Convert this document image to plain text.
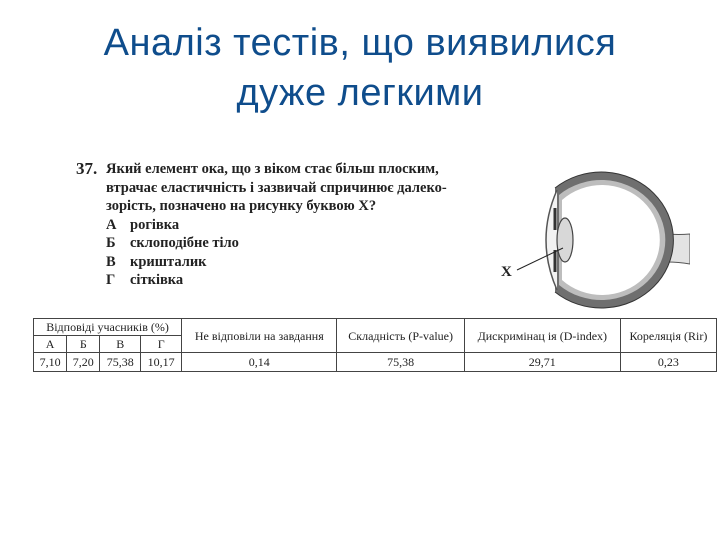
Аналіз тестів, що виявилися
дуже легкими
37. Який елемент ока, що з віком стає більш плоским,
втрачає еластичність і зазвичай спричинює далеко-
зорість, позначено на рисунку буквою Х?
А рогівка
Б склоподібне тіло
В кришталик
Г	сітківка	X
Відповіді учасників (%)				Не відповіли на завдання	Складність (P-value)	Дискримінац ія (D-index)	Кореляція (Rir)
А	Б	В	Г				
7,10	7,20	75,38	10,17	0,14	75,38	29,71	0,23
